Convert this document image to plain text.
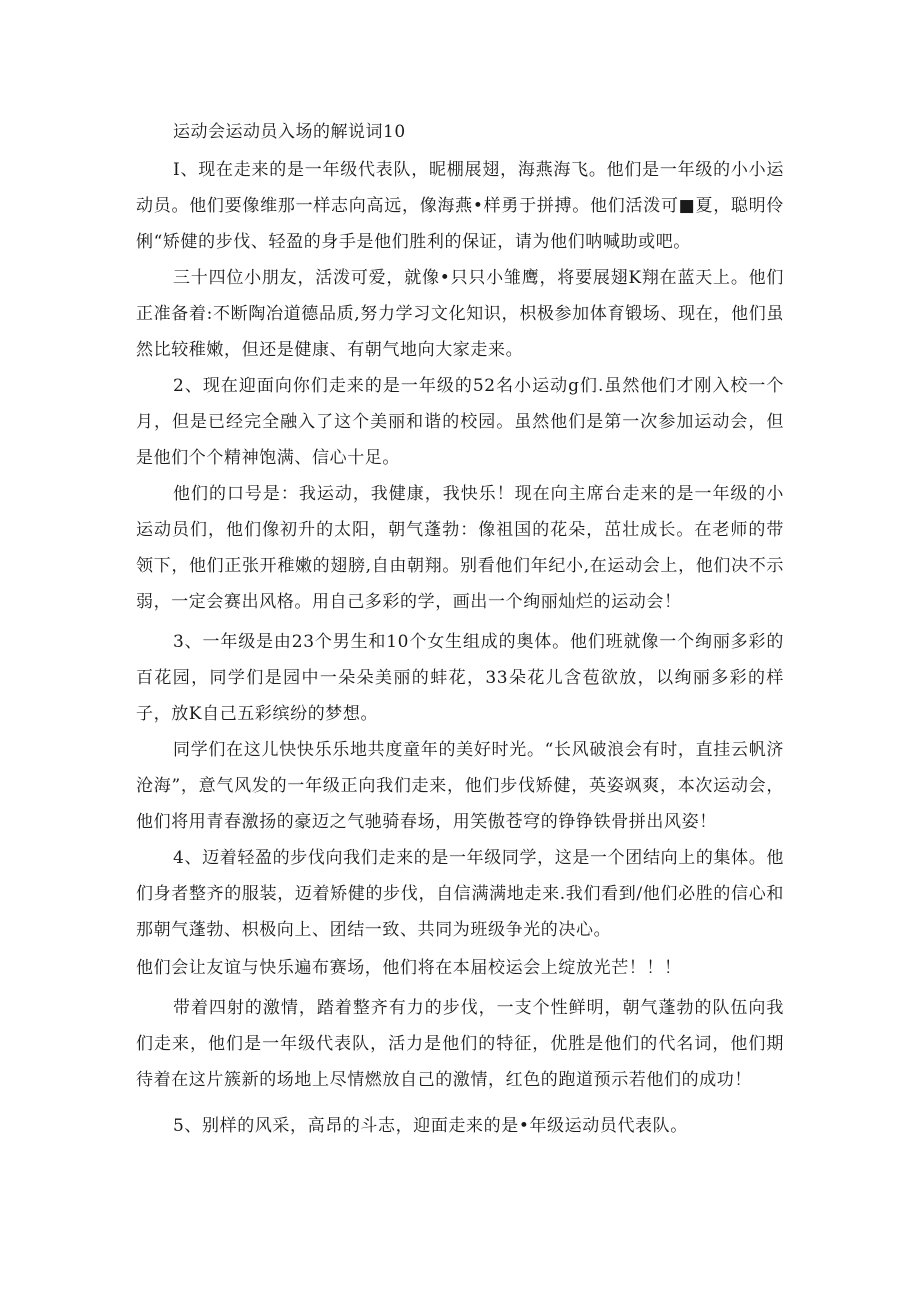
运动会运动员入场的解说词10

I、现在走来的是一年级代表队，昵棚展翅，海燕海飞。他们是一年级的小小运动员。他们要像维那一样志向高远，像海燕•样勇于拼搏。他们活泼可■夏，聪明伶俐“矫健的步伐、轻盈的身手是他们胜利的保证，请为他们呐喊助或吧。

三十四位小朋友，活泼可爱，就像•只只小雏鹰，将要展翅K翔在蓝天上。他们正准备着:不断陶冶道德品质,努力学习文化知识，枳极参加体育锻场、现在，他们虽然比较稚嫩，但还是健康、有朝气地向大家走来。

2、现在迎面向你们走来的是一年级的52名小运动g们.虽然他们才刚入校一个月，但是已经完全融入了这个美丽和谐的校园。虽然他们是第一次参加运动会，但是他们个个精神饱满、信心十足。

他们的口号是：我运动，我健康，我快乐！现在向主席台走来的是一年级的小运动员们，他们像初升的太阳，朝气蓬勃：像祖国的花朵，茁壮成长。在老师的带领下，他们正张开稚嫩的翅膀,自由朝翔。别看他们年纪小,在运动会上，他们决不示弱，一定会赛出风格。用自己多彩的学，画出一个绚丽灿烂的运动会！

3、一年级是由23个男生和10个女生组成的奥体。他们班就像一个绚丽多彩的百花园，同学们是园中一朵朵美丽的蚌花，33朵花儿含苞欲放，以绚丽多彩的样子，放K自己五彩缤纷的梦想。

同学们在这儿快快乐乐地共度童年的美好时光。“长风破浪会有时，直挂云帆济沧海”，意气风发的一年级正向我们走来，他们步伐矫健，英姿飒爽，本次运动会，他们将用青春激扬的豪迈之气驰骑春场，用笑傲苍穹的铮铮铁骨拼出风姿！

4、迈着轻盈的步伐向我们走来的是一年级同学，这是一个团结向上的集体。他们身者整齐的服装，迈着矫健的步伐，自信满满地走来.我们看到/他们必胜的信心和那朝气蓬勃、枳极向上、团结一致、共同为班级争光的决心。

他们会让友谊与快乐遍布赛场，他们将在本届校运会上绽放光芒！！！

带着四射的激情，踏着整齐有力的步伐，一支个性鲜明，朝气蓬勃的队伍向我们走来，他们是一年级代表队，活力是他们的特征，优胜是他们的代名词，他们期待着在这片簇新的场地上尽情燃放自己的激情，红色的跑道预示若他们的成功！

5、别样的风采，高昂的斗志，迎面走来的是•年级运动员代表队。
